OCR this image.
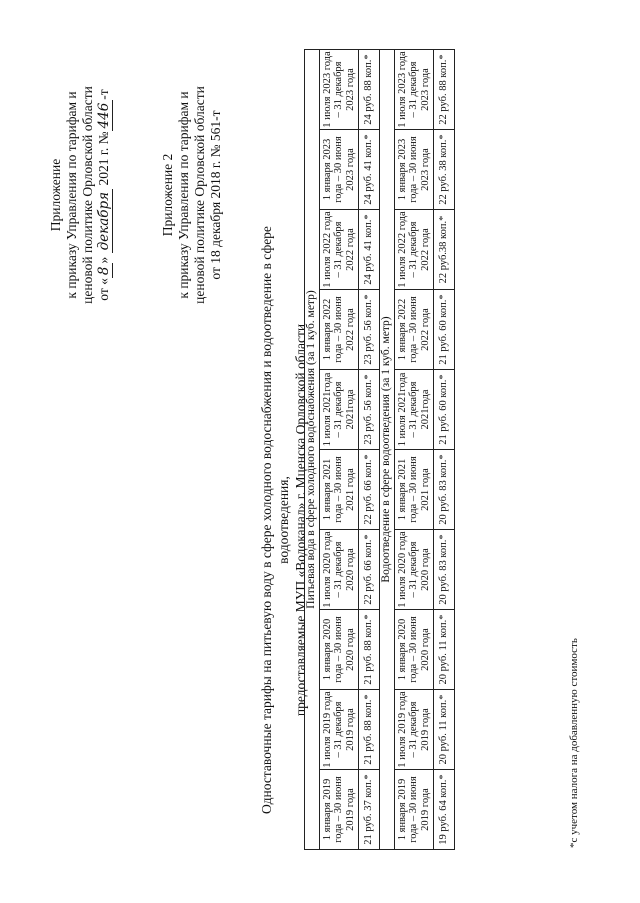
Приложение к приказу Управления по тарифам и ценовой политике Орловской области от «8» декабря 2021 г. №446-т
Приложение 2 к приказу Управления по тарифам и ценовой политике Орловской области от 18 декабря 2018 г. № 561-т
Одноставочные тарифы на питьевую воду в сфере холодного водоснабжения и водоотведение в сфере водоотведения, предоставляемые МУП «Водоканал» г. Мценска Орловской области
Питьевая вода в сфере холодного водоснабжения (за 1 куб. метр)									
1 января 2019 года – 30 июня 2019 года	1 июля 2019 года – 31 декабря 2019 года	1 января 2020 года – 30 июня 2020 года	1 июля 2020 года – 31 декабря 2020 года	1 января 2021 года – 30 июня 2021 года	1 июля 2021года – 31 декабря 2021года	1 января 2022 года – 30 июня 2022 года	1 июля 2022 года – 31 декабря 2022 года	1 января 2023 года – 30 июня 2023 года	1 июля 2023 года – 31 декабря 2023 года
21 руб. 37 коп.*	21 руб. 88 коп.*	21 руб. 88 коп.*	22 руб. 66 коп.*	22 руб. 66 коп.*	23 руб. 56 коп.*	23 руб. 56 коп.*	24 руб. 41 коп.*	24 руб. 41 коп.*	24 руб. 88 коп.*
Водоотведение в сфере водоотведения (за 1 куб. метр)									
1 января 2019 года – 30 июня 2019 года	1 июля 2019 года – 31 декабря 2019 года	1 января 2020 года – 30 июня 2020 года	1 июля 2020 года – 31 декабря 2020 года	1 января 2021 года – 30 июня 2021 года	1 июля 2021года – 31 декабря 2021года	1 января 2022 года – 30 июня 2022 года	1 июля 2022 года – 31 декабря 2022 года	1 января 2023 года – 30 июня 2023 года	1 июля 2023 года – 31 декабря 2023 года
19 руб. 64 коп.*	20 руб. 11 коп.*	20 руб. 11 коп.*	20 руб. 83 коп.*	20 руб. 83 коп.*	21 руб. 60 коп.*	21 руб. 60 коп.*	22 руб.38 коп.*	22 руб. 38 коп.*	22 руб. 88 коп.*
*с учетом налога на добавленную стоимость
